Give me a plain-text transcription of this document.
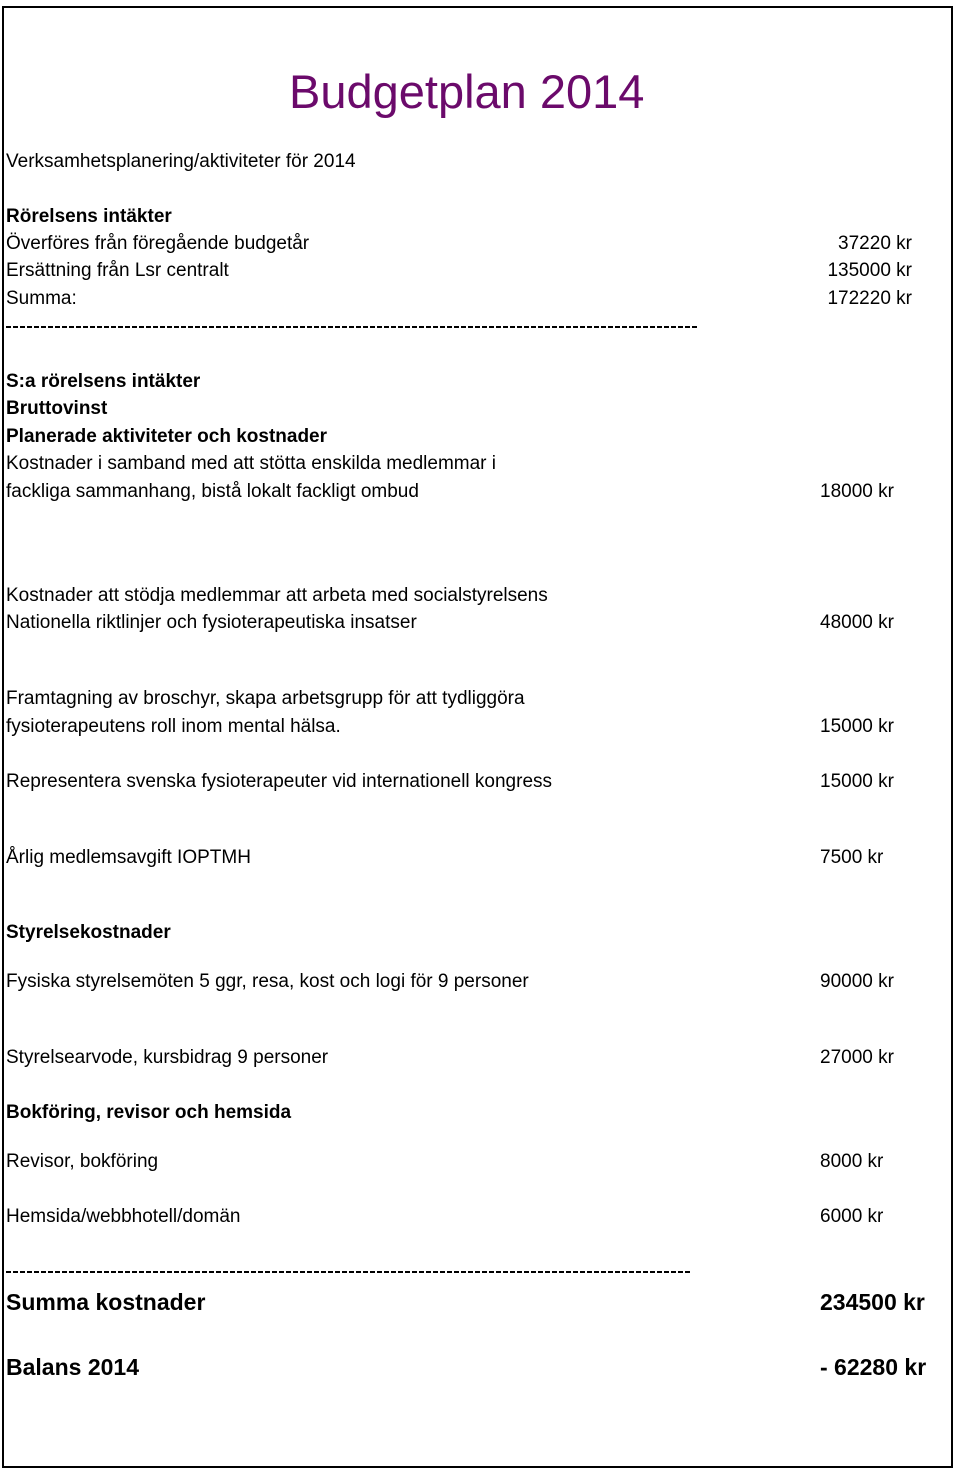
Budgetplan 2014
Verksamhetsplanering/aktiviteter för 2014
Rörelsens intäkter
Överföres från föregående budgetår	37220 kr
Ersättning från Lsr centralt	135000 kr
Summa:	172220 kr
S:a rörelsens intäkter
Bruttovinst
Planerade aktiviteter och kostnader
Kostnader i samband med att stötta enskilda medlemmar i
fackliga sammanhang, bistå lokalt fackligt ombud	18000 kr
Kostnader att stödja medlemmar att arbeta med socialstyrelsens
Nationella riktlinjer och fysioterapeutiska insatser	48000 kr
Framtagning av broschyr, skapa arbetsgrupp för att tydliggöra
fysioterapeutens roll inom mental hälsa.	15000 kr
Representera svenska fysioterapeuter vid internationell kongress	15000 kr
Årlig medlemsavgift IOPTMH	7500 kr
Styrelsekostnader
Fysiska styrelsemöten 5 ggr, resa, kost och logi för 9 personer	90000 kr
Styrelsearvode, kursbidrag 9 personer	27000 kr
Bokföring, revisor och hemsida
Revisor, bokföring	8000 kr
Hemsida/webbhotell/domän	6000 kr
Summa kostnader	234500 kr
Balans 2014	- 62280 kr
